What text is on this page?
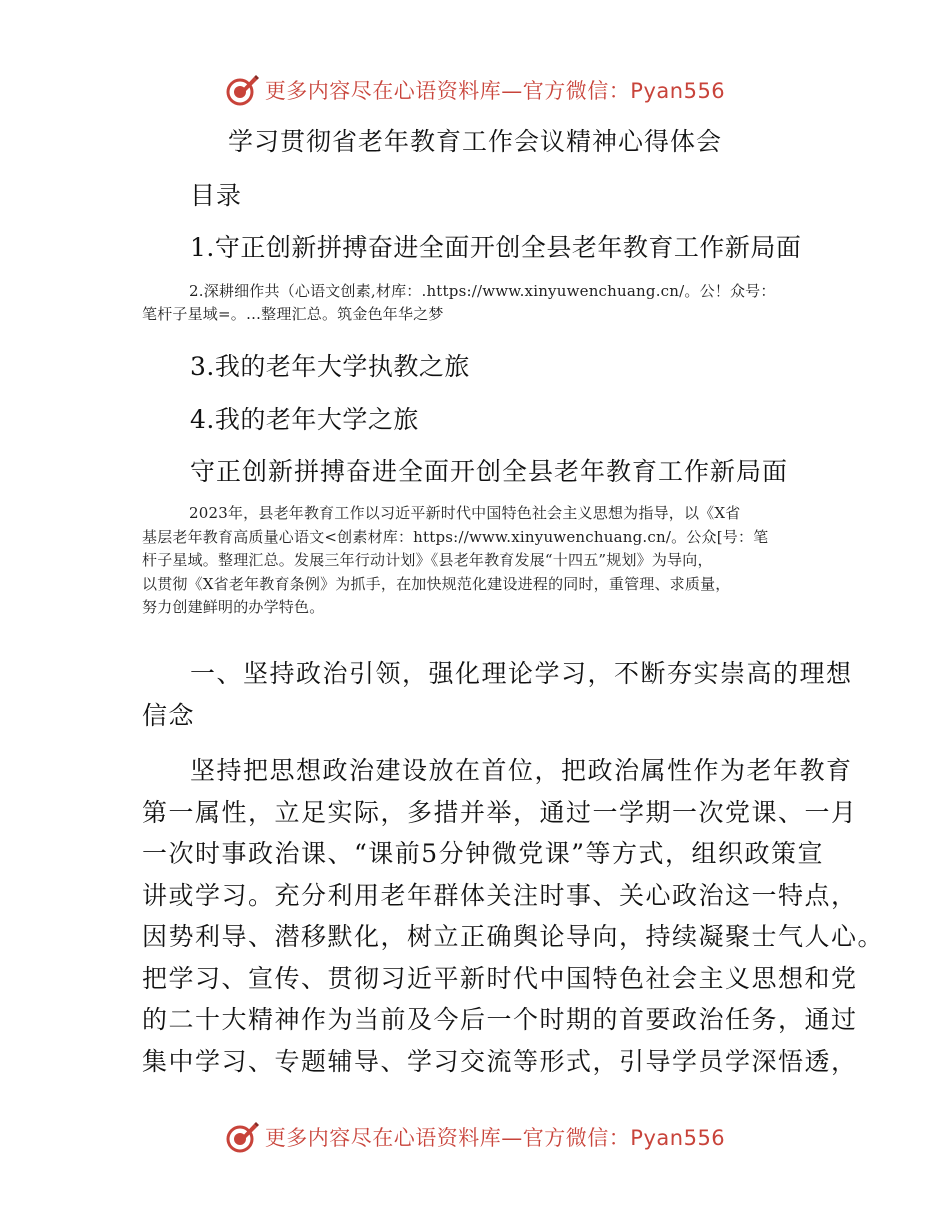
更多内容尽在心语资料库—官方微信：Pyan556
学习贯彻省老年教育工作会议精神心得体会
目录
1.守正创新拼搏奋进全面开创全县老年教育工作新局面
2.深耕细作共（心语文创素,材库：.https://www.xinyuwenchuang.cn/。公！众号：
笔杆子星域=。…整理汇总。筑金色年华之梦
3.我的老年大学执教之旅
4.我的老年大学之旅
守正创新拼搏奋进全面开创全县老年教育工作新局面
2023年，县老年教育工作以习近平新时代中国特色社会主义思想为指导，以《X省
基层老年教育高质量心语文<创素材库：https://www.xinyuwenchuang.cn/。公众[号：笔
杆子星域。整理汇总。发展三年行动计划》《县老年教育发展“十四五”规划》为导向，
以贯彻《X省老年教育条例》为抓手，在加快规范化建设进程的同时，重管理、求质量，
努力创建鲜明的办学特色。
一、坚持政治引领，强化理论学习，不断夯实崇高的理想
信念
坚持把思想政治建设放在首位，把政治属性作为老年教育
第一属性，立足实际，多措并举，通过一学期一次党课、一月
一次时事政治课、“课前5分钟微党课”等方式，组织政策宣
讲或学习。充分利用老年群体关注时事、关心政治这一特点，
因势利导、潜移默化，树立正确舆论导向，持续凝聚士气人心。
把学习、宣传、贯彻习近平新时代中国特色社会主义思想和党
的二十大精神作为当前及今后一个时期的首要政治任务，通过
集中学习、专题辅导、学习交流等形式，引导学员学深悟透，
更多内容尽在心语资料库—官方微信：Pyan556
